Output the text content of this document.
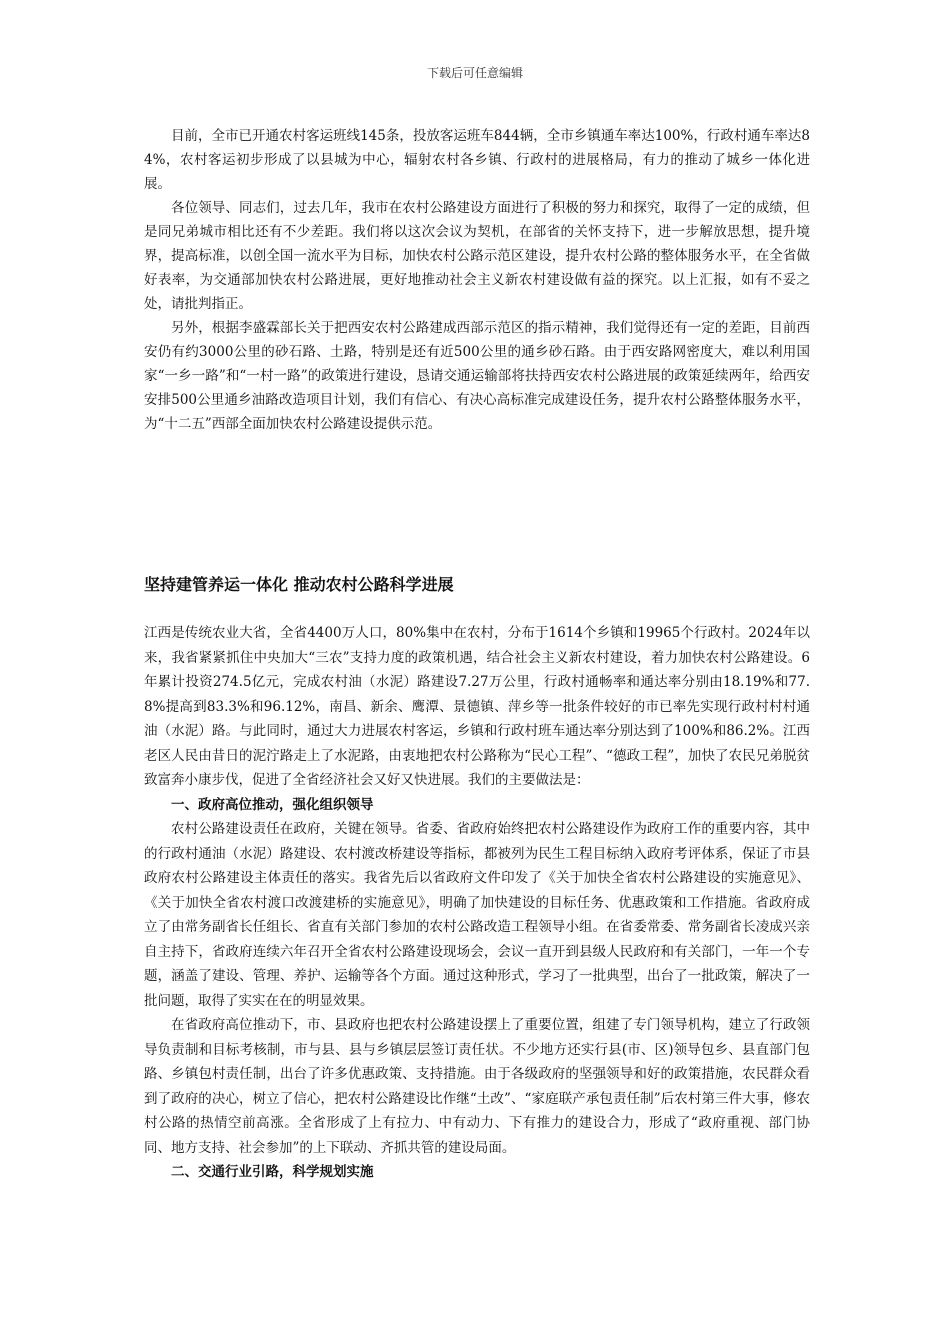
下载后可任意编辑

目前，全市已开通农村客运班线145条，投放客运班车844辆，全市乡镇通车率达100%，行政村通车率达84%，农村客运初步形成了以县城为中心，辐射农村各乡镇、行政村的进展格局，有力的推动了城乡一体化进展。

各位领导、同志们，过去几年，我市在农村公路建设方面进行了积极的努力和探究，取得了一定的成绩，但是同兄弟城市相比还有不少差距。我们将以这次会议为契机，在部省的关怀支持下，进一步解放思想，提升境界，提高标准，以创全国一流水平为目标，加快农村公路示范区建设，提升农村公路的整体服务水平，在全省做好表率，为交通部加快农村公路进展，更好地推动社会主义新农村建设做有益的探究。以上汇报，如有不妥之处，请批判指正。

另外，根据李盛霖部长关于把西安农村公路建成西部示范区的指示精神，我们觉得还有一定的差距，目前西安仍有约3000公里的砂石路、土路，特别是还有近500公里的通乡砂石路。由于西安路网密度大，难以利用国家“一乡一路”和“一村一路”的政策进行建设，恳请交通运输部将扶持西安农村公路进展的政策延续两年，给西安安排500公里通乡油路改造项目计划，我们有信心、有决心高标准完成建设任务，提升农村公路整体服务水平，为“十二五”西部全面加快农村公路建设提供示范。

坚持建管养运一体化 推动农村公路科学进展

江西是传统农业大省，全省4400万人口，80%集中在农村，分布于1614个乡镇和19965个行政村。2024年以来，我省紧紧抓住中央加大“三农”支持力度的政策机遇，结合社会主义新农村建设，着力加快农村公路建设。6年累计投资274.5亿元，完成农村油（水泥）路建设7.27万公里，行政村通畅率和通达率分别由18.19%和77.8%提高到83.3%和96.12%，南昌、新余、鹰潭、景德镇、萍乡等一批条件较好的市已率先实现行政村村村通油（水泥）路。与此同时，通过大力进展农村客运，乡镇和行政村班车通达率分别达到了100%和86.2%。江西老区人民由昔日的泥泞路走上了水泥路，由衷地把农村公路称为“民心工程”、“德政工程”，加快了农民兄弟脱贫致富奔小康步伐，促进了全省经济社会又好又快进展。我们的主要做法是：

一、政府高位推动，强化组织领导

农村公路建设责任在政府，关键在领导。省委、省政府始终把农村公路建设作为政府工作的重要内容，其中的行政村通油（水泥）路建设、农村渡改桥建设等指标，都被列为民生工程目标纳入政府考评体系，保证了市县政府农村公路建设主体责任的落实。我省先后以省政府文件印发了《关于加快全省农村公路建设的实施意见》、《关于加快全省农村渡口改渡建桥的实施意见》，明确了加快建设的目标任务、优惠政策和工作措施。省政府成立了由常务副省长任组长、省直有关部门参加的农村公路改造工程领导小组。在省委常委、常务副省长凌成兴亲自主持下，省政府连续六年召开全省农村公路建设现场会，会议一直开到县级人民政府和有关部门，一年一个专题，涵盖了建设、管理、养护、运输等各个方面。通过这种形式，学习了一批典型，出台了一批政策，解决了一批问题，取得了实实在在的明显效果。

在省政府高位推动下，市、县政府也把农村公路建设摆上了重要位置，组建了专门领导机构，建立了行政领导负责制和目标考核制，市与县、县与乡镇层层签订责任状。不少地方还实行县(市、区)领导包乡、县直部门包路、乡镇包村责任制，出台了许多优惠政策、支持措施。由于各级政府的坚强领导和好的政策措施，农民群众看到了政府的决心，树立了信心，把农村公路建设比作继“土改”、“家庭联产承包责任制”后农村第三件大事，修农村公路的热情空前高涨。全省形成了上有拉力、中有动力、下有推力的建设合力，形成了“政府重视、部门协同、地方支持、社会参加”的上下联动、齐抓共管的建设局面。

二、交通行业引路，科学规划实施
